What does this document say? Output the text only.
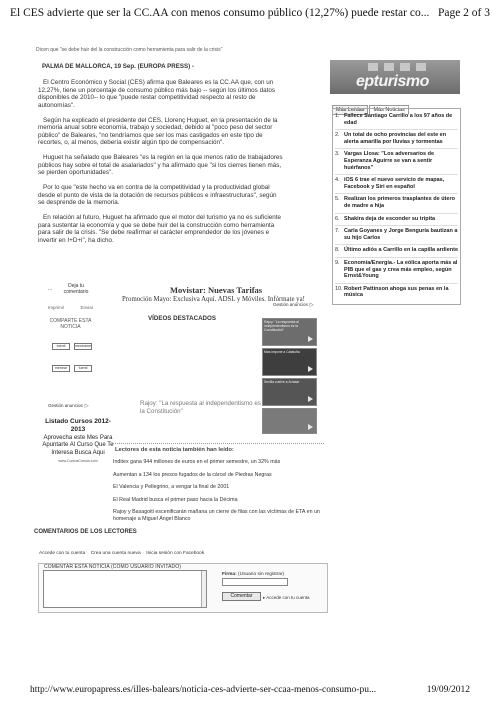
El CES advierte que ser la CC.AA con menos consumo público (12,27%) puede restar co... Page 2 of 3
Dicen que "se debe huir del la construcción como herramienta para salir de la crisis"
PALMA DE MALLORCA, 19 Sep. (EUROPA PRESS) -

El Centro Económico y Social (CES) afirma que Baleares es la CC.AA que, con un 12,27%, tiene un porcentaje de consumo público más bajo -- según los últimos datos disponibles de 2010-- lo que "puede restar competitividad respecto al resto de autonomías".

Según ha explicado el presidente del CES, Llorenç Huguet, en la presentación de la memoria anual sobre economía, trabajo y sociedad, debido al "poco peso del sector público" de Baleares, "no tendríamos que ser los mas castigados en este tipo de recortes, o, al menos, debería existir algún tipo de compensación".

Huguet ha señalado que Baleares "es la región en la que menos ratio de trabajadores públicos hay sobre el total de asalariados" y ha afirmado que "si los cierres tienen más, se pierden oportunidades".

Por lo que "este hecho va en contra de la competitividad y la productividad global desde el punto de vista de la dotación de recursos públicos e infraestructuras", según se desprende de la memoria.

En relación al futuro, Huguet ha afirmado que el motor del turismo ya no es suficiente para sustentar la economía y que se debe huir del la construcción como herramienta para salir de la crisis. "Se debe reafirmar el carácter emprendedor de los jóvenes e invertir en I+D+i", ha dicho.

epturismo
Más Leídas Más Noticias
1. Fallece Santiago Carrillo a los 97 años de edad
2. Un total de ocho provincias del este en alerta amarilla por lluvias y tormentas
3. Vargas Llosa: "Los adversarios de Esperanza Aguirre se van a sentir huérfanos"
4. iOS 6 trae el nuevo servicio de mapas, Facebook y Siri en español
5. Realizan los primeros trasplantes de útero de madre a hija
6. Shakira deja de esconder su tripita
7. Carla Goyanes y Jorge Benguría bautizan a su hijo Carlos
8. Último adiós a Carrillo en la capilla ardiente
9. Economía/Energía.- La eólica aporta más al PIB que el gas y crea más empleo, según Ernst&Young
10. Robert Pattinson ahoga sus penas en la música
Deja tu
comentario
...
Imprimir	Enviar
COMPARTE ESTA NOTICIA
tuenti	meneame
menear	tuenti
Gestión anuncios ▷
Listado Cursos 2012-2013
Aprovecha este Mes Para Apuntarte Al Curso Que Te Interesa Busca Aqui
www.CursosCursos.com
Movistar: Nuevas Tarifas
Promoción Mayo: Exclusiva Aquí. ADSL y Móviles. Infórmate ya!
Gestión anuncios ▷
VÍDEOS DESTACADOS
Rajoy: "La respuesta al independentismo es la Constitución"
Rajoy: "La respuesta al independentismo es la Constitución"
Mas impone a Cataluña
Sevilla vuelve a Arrasar
Lectores de esta noticia también han leído:
Inditex gana 944 millones de euros en el primer semestre, un 32% más
Aumentan a 134 los presos fugados de la cárcel de Piedras Negras
El Valencia y Pellegrino, a vengar la final de 2001
El Real Madrid busca el primer paso hacia la Décima
Rajoy y Basagoiti escenificarán mañana un cierre de filas con las víctimas de ETA en un homenaje a Miguel Ángel Blanco
COMENTARIOS DE LOS LECTORES
Accede con tu cuenta · Crea una cuenta nueva · Inicia sesión con Facebook
COMENTAR ESTA NOTICIA (COMO USUARIO INVITADO)
Firma: (Usuario sin registrar)
Comentar	▸ Accede con tu cuenta
http://www.europapress.es/illes-balears/noticia-ces-advierte-ser-ccaa-menos-consumo-pu...	19/09/2012
